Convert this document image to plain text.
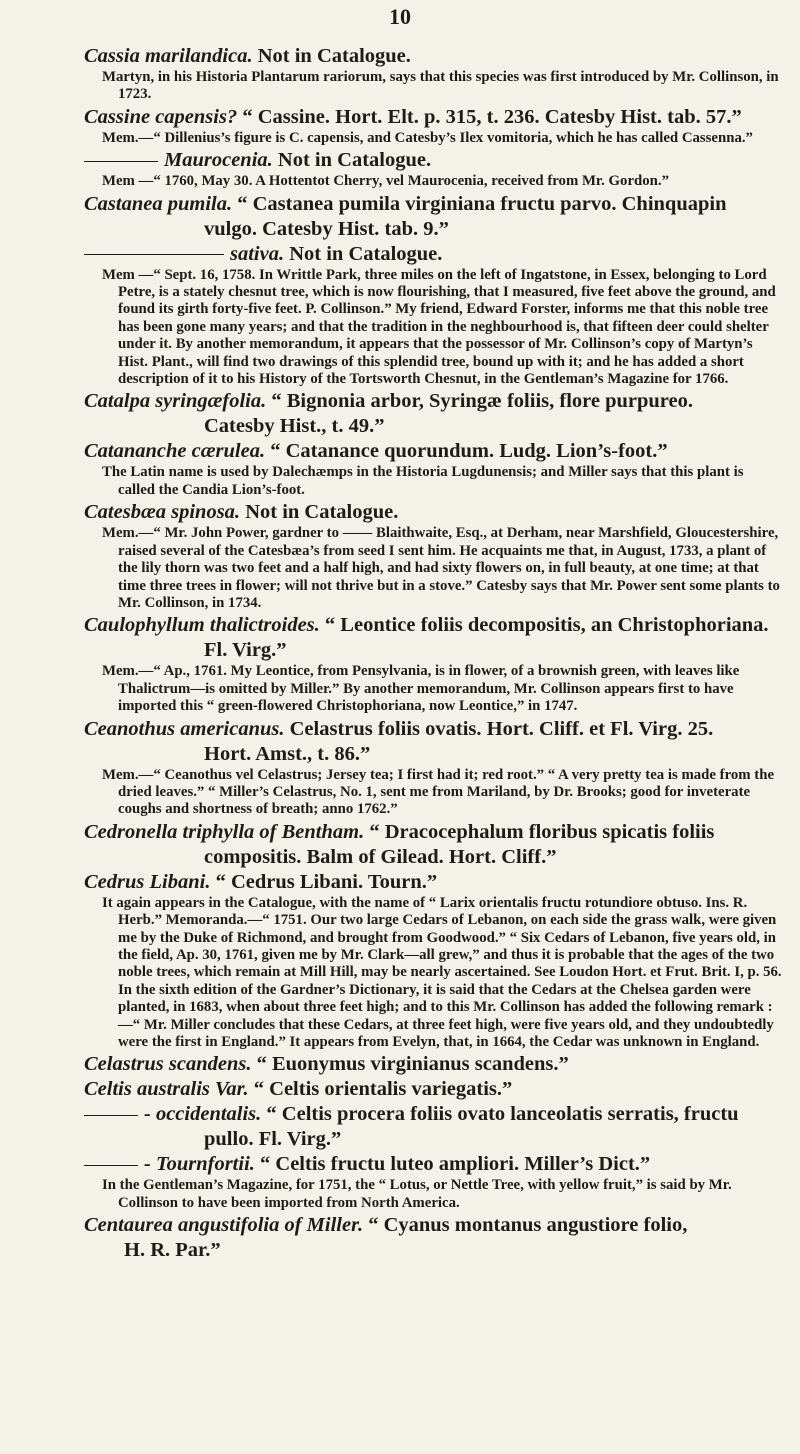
10
Cassia marilandica. Not in Catalogue.
Martyn, in his Historia Plantarum rariorum, says that this species was first introduced by Mr. Collinson, in 1723.
Cassine capensis? “ Cassine. Hort. Elt. p. 315, t. 236. Catesby Hist. tab. 57.”
Mem.—“ Dillenius’s figure is C. capensis, and Catesby’s Ilex vomitoria, which he has called Cassenna.”
Maurocenia. Not in Catalogue.
Mem —“ 1760, May 30. A Hottentot Cherry, vel Maurocenia, received from Mr. Gordon.”
Castanea pumila. “ Castanea pumila virginiana fructu parvo. Chinquapin
vulgo. Catesby Hist. tab. 9.”
sativa. Not in Catalogue.
Mem —“ Sept. 16, 1758. In Writtle Park, three miles on the left of Ingatstone, in Essex, belonging to Lord Petre, is a stately chesnut tree, which is now flourishing, that I measured, five feet above the ground, and found its girth forty-five feet. P. Collinson.” My friend, Edward Forster, informs me that this noble tree has been gone many years; and that the tradition in the neghbourhood is, that fifteen deer could shelter under it. By another memorandum, it appears that the possessor of Mr. Collinson’s copy of Martyn’s Hist. Plant., will find two drawings of this splendid tree, bound up with it; and he has added a short description of it to his History of the Tortsworth Chesnut, in the Gentleman’s Magazine for 1766.
Catalpa syringæfolia. “ Bignonia arbor, Syringæ foliis, flore purpureo.
Catesby Hist., t. 49.”
Catananche cærulea. “ Catanance quorundum. Ludg. Lion’s-foot.”
The Latin name is used by Dalechæmps in the Historia Lugdunensis; and Miller says that this plant is called the Candia Lion’s-foot.
Catesbæa spinosa. Not in Catalogue.
Mem.—“ Mr. John Power, gardner to —— Blaithwaite, Esq., at Derham, near Marshfield, Gloucestershire, raised several of the Catesbæa’s from seed I sent him. He acquaints me that, in August, 1733, a plant of the lily thorn was two feet and a half high, and had sixty flowers on, in full beauty, at one time; at that time three trees in flower; will not thrive but in a stove.” Catesby says that Mr. Power sent some plants to Mr. Collinson, in 1734.
Caulophyllum thalictroides. “ Leontice foliis decompositis, an Christophoriana.
Fl. Virg.”
Mem.—“ Ap., 1761. My Leontice, from Pensylvania, is in flower, of a brownish green, with leaves like Thalictrum—is omitted by Miller.” By another memorandum, Mr. Collinson appears first to have imported this “ green-flowered Christophoriana, now Leontice,” in 1747.
Ceanothus americanus. Celastrus foliis ovatis. Hort. Cliff. et Fl. Virg. 25.
Hort. Amst., t. 86.”
Mem.—“ Ceanothus vel Celastrus; Jersey tea; I first had it; red root.” “ A very pretty tea is made from the dried leaves.” “ Miller’s Celastrus, No. 1, sent me from Mariland, by Dr. Brooks; good for inveterate coughs and shortness of breath; anno 1762.”
Cedronella triphylla of Bentham. “ Dracocephalum floribus spicatis foliis
compositis. Balm of Gilead. Hort. Cliff.”
Cedrus Libani. “ Cedrus Libani. Tourn.”
It again appears in the Catalogue, with the name of “ Larix orientalis fructu rotundiore obtuso. Ins. R. Herb.” Memoranda.—“ 1751. Our two large Cedars of Lebanon, on each side the grass walk, were given me by the Duke of Richmond, and brought from Goodwood.” “ Six Cedars of Lebanon, five years old, in the field, Ap. 30, 1761, given me by Mr. Clark—all grew,” and thus it is probable that the ages of the two noble trees, which remain at Mill Hill, may be nearly ascertained. See Loudon Hort. et Frut. Brit. I, p. 56. In the sixth edition of the Gardner’s Dictionary, it is said that the Cedars at the Chelsea garden were planted, in 1683, when about three feet high; and to this Mr. Collinson has added the following remark :—“ Mr. Miller concludes that these Cedars, at three feet high, were five years old, and they undoubtedly were the first in England.” It appears from Evelyn, that, in 1664, the Cedar was unknown in England.
Celastrus scandens. “ Euonymus virginianus scandens.”
Celtis australis Var. “ Celtis orientalis variegatis.”
- occidentalis. “ Celtis procera foliis ovato lanceolatis serratis, fructu
pullo. Fl. Virg.”
- Tournfortii. “ Celtis fructu luteo ampliori. Miller’s Dict.”
In the Gentleman’s Magazine, for 1751, the “ Lotus, or Nettle Tree, with yellow fruit,” is said by Mr. Collinson to have been imported from North America.
Centaurea angustifolia of Miller. “ Cyanus montanus angustiore folio,
H. R. Par.”
